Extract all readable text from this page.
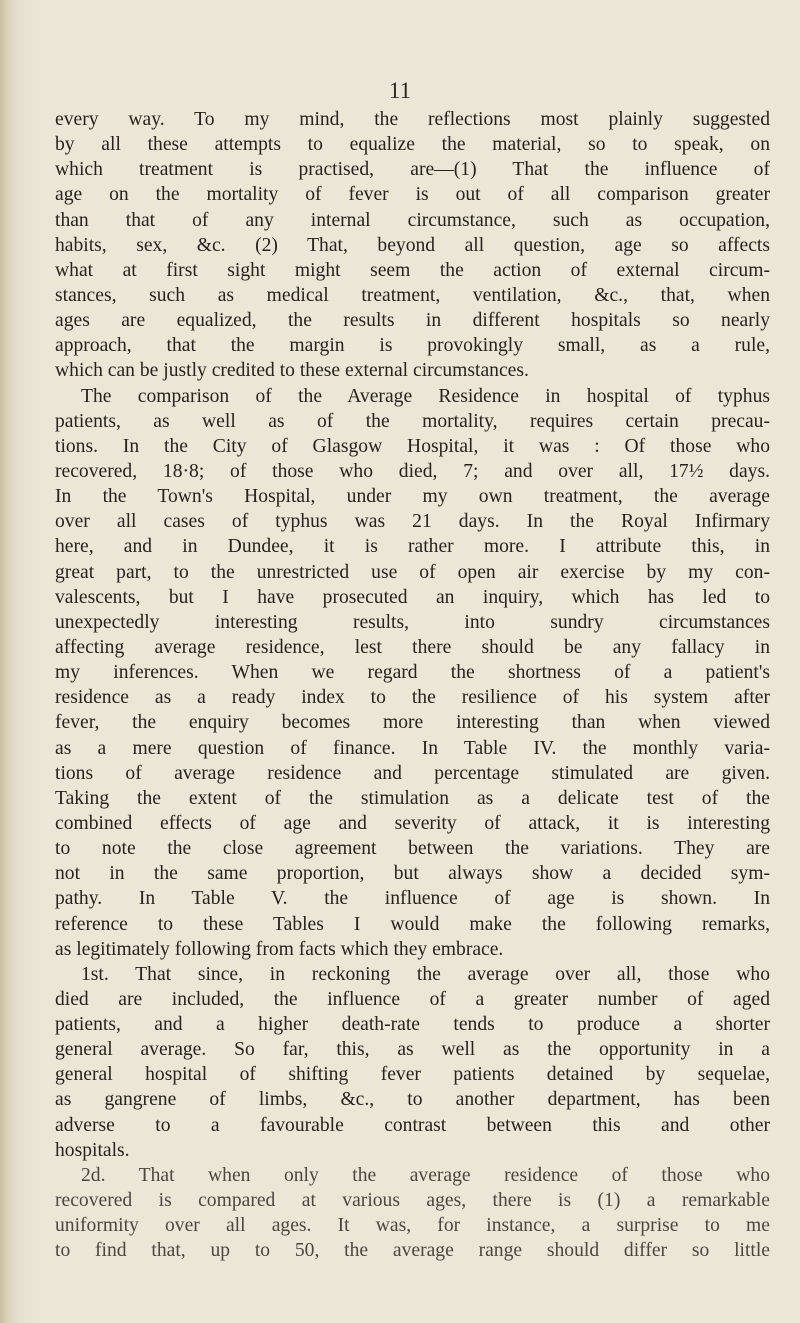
11
every way. To my mind, the reflections most plainly suggested
by all these attempts to equalize the material, so to speak, on
which treatment is practised, are—(1) That the influence of
age on the mortality of fever is out of all comparison greater
than that of any internal circumstance, such as occupation,
habits, sex, &c. (2) That, beyond all question, age so affects
what at first sight might seem the action of external circum-
stances, such as medical treatment, ventilation, &c., that, when
ages are equalized, the results in different hospitals so nearly
approach, that the margin is provokingly small, as a rule,
which can be justly credited to these external circumstances.
The comparison of the Average Residence in hospital of typhus
patients, as well as of the mortality, requires certain precau-
tions. In the City of Glasgow Hospital, it was : Of those who
recovered, 18·8; of those who died, 7; and over all, 17½ days.
In the Town's Hospital, under my own treatment, the average
over all cases of typhus was 21 days. In the Royal Infirmary
here, and in Dundee, it is rather more. I attribute this, in
great part, to the unrestricted use of open air exercise by my con-
valescents, but I have prosecuted an inquiry, which has led to
unexpectedly interesting results, into sundry circumstances
affecting average residence, lest there should be any fallacy in
my inferences. When we regard the shortness of a patient's
residence as a ready index to the resilience of his system after
fever, the enquiry becomes more interesting than when viewed
as a mere question of finance. In Table IV. the monthly varia-
tions of average residence and percentage stimulated are given.
Taking the extent of the stimulation as a delicate test of the
combined effects of age and severity of attack, it is interesting
to note the close agreement between the variations. They are
not in the same proportion, but always show a decided sym-
pathy. In Table V. the influence of age is shown. In
reference to these Tables I would make the following remarks,
as legitimately following from facts which they embrace.
1st. That since, in reckoning the average over all, those who
died are included, the influence of a greater number of aged
patients, and a higher death-rate tends to produce a shorter
general average. So far, this, as well as the opportunity in a
general hospital of shifting fever patients detained by sequelae,
as gangrene of limbs, &c., to another department, has been
adverse to a favourable contrast between this and other
hospitals.
2d. That when only the average residence of those who
recovered is compared at various ages, there is (1) a remarkable
uniformity over all ages. It was, for instance, a surprise to me
to find that, up to 50, the average range should differ so little
